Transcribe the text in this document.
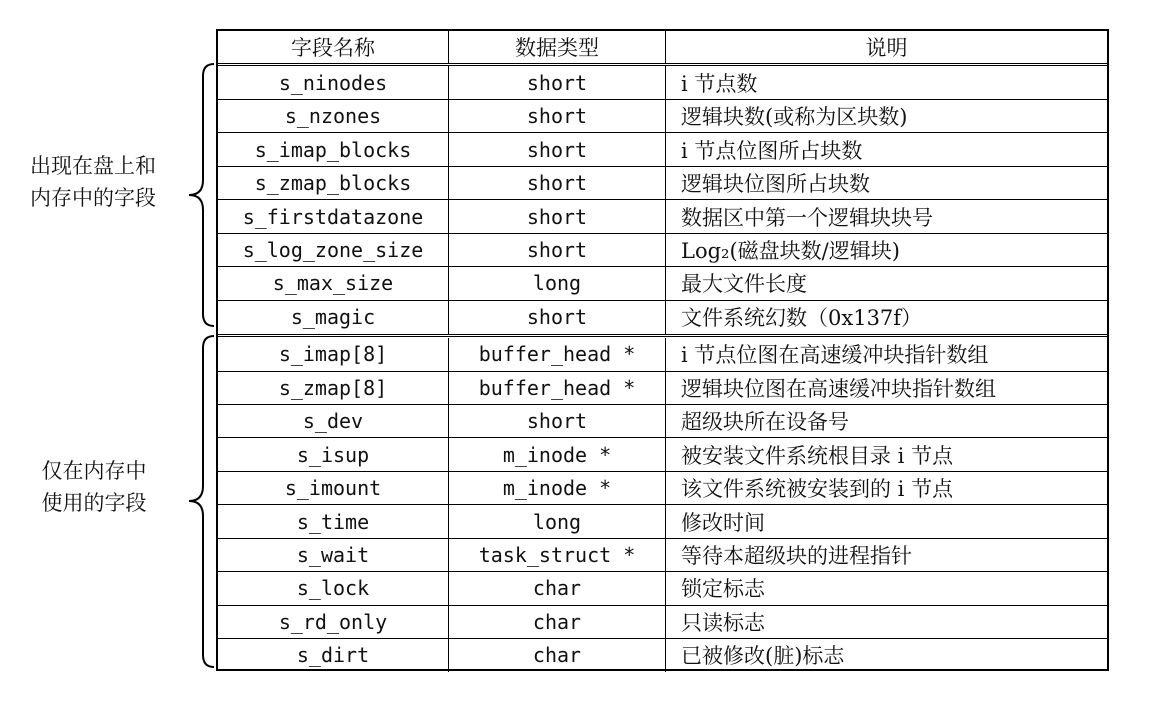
字段名称	数据类型	说明
s_ninodes	short	i 节点数
s_nzones	short	逻辑块数(或称为区块数)
s_imap_blocks	short	i 节点位图所占块数
s_zmap_blocks	short	逻辑块位图所占块数
s_firstdatazone	short	数据区中第一个逻辑块块号
s_log_zone_size	short	Log₂(磁盘块数/逻辑块)
s_max_size	long	最大文件长度
s_magic	short	文件系统幻数（0x137f）
s_imap[8]	buffer_head *	i 节点位图在高速缓冲块指针数组
s_zmap[8]	buffer_head *	逻辑块位图在高速缓冲块指针数组
s_dev	short	超级块所在设备号
s_isup	m_inode *	被安装文件系统根目录 i 节点
s_imount	m_inode *	该文件系统被安装到的 i 节点
s_time	long	修改时间
s_wait	task_struct *	等待本超级块的进程指针
s_lock	char	锁定标志
s_rd_only	char	只读标志
s_dirt	char	已被修改(脏)标志
出现在盘上和
内存中的字段
仅在内存中
使用的字段
